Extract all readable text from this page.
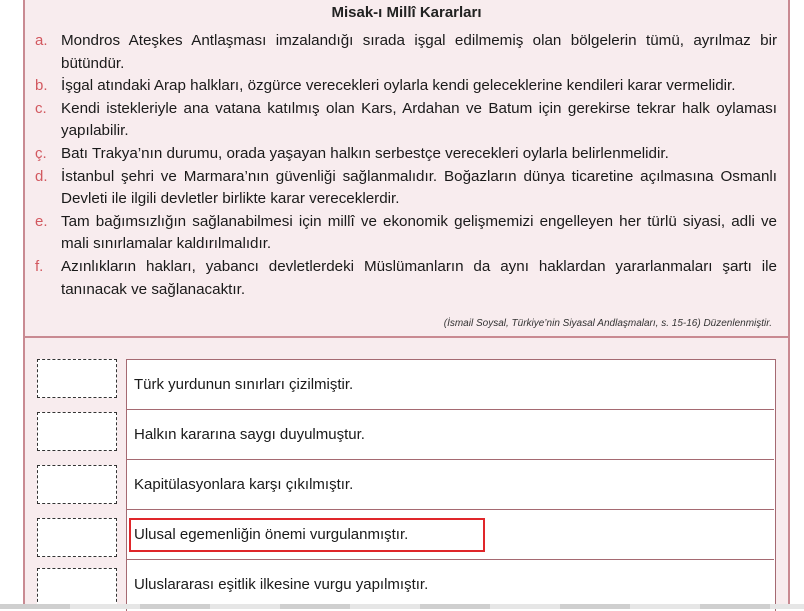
Misak-ı Millî Kararları
a. Mondros Ateşkes Antlaşması imzalandığı sırada işgal edilmemiş olan bölgelerin tümü, ayrılmaz bir bütündür.
b. İşgal atındaki Arap halkları, özgürce verecekleri oylarla kendi geleceklerine kendileri karar vermelidir.
c. Kendi istekleriyle ana vatana katılmış olan Kars, Ardahan ve Batum için gerekirse tekrar halk oylaması yapılabilir.
ç. Batı Trakya’nın durumu, orada yaşayan halkın serbestçe verecekleri oylarla belirlenmelidir.
d. İstanbul şehri ve Marmara’nın güvenliği sağlanmalıdır. Boğazların dünya ticaretine açılmasına Osmanlı Devleti ile ilgili devletler birlikte karar vereceklerdir.
e. Tam bağımsızlığın sağlanabilmesi için millî ve ekonomik gelişmemizi engelleyen her türlü siyasi, adli ve mali sınırlamalar kaldırılmalıdır.
f. Azınlıkların hakları, yabancı devletlerdeki Müslümanların da aynı haklardan yararlanmaları şartı ile tanınacak ve sağlanacaktır.
(İsmail Soysal, Türkiye’nin Siyasal Andlaşmaları, s. 15-16) Düzenlenmiştir.
Türk yurdunun sınırları çizilmiştir.
Halkın kararına saygı duyulmuştur.
Kapitülasyonlara karşı çıkılmıştır.
Ulusal egemenliğin önemi vurgulanmıştır.
Uluslararası eşitlik ilkesine vurgu yapılmıştır.
